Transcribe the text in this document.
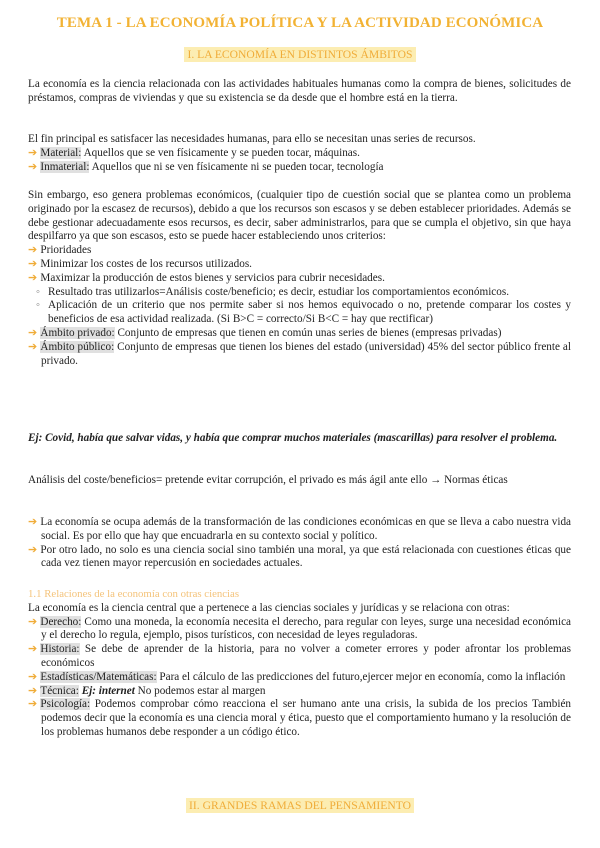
TEMA 1 - LA ECONOMÍA POLÍTICA Y LA ACTIVIDAD ECONÓMICA
I. LA ECONOMÍA EN DISTINTOS ÁMBITOS

La economía es la ciencia relacionada con las actividades habituales humanas como la compra de bienes, solicitudes de préstamos, compras de viviendas y que su existencia se da desde que el hombre está en la tierra.

El fin principal es satisfacer las necesidades humanas, para ello se necesitan unas series de recursos.

➔ Material: Aquellos que se ven físicamente y se pueden tocar, máquinas.

➔ Inmaterial: Aquellos que ni se ven físicamente ni se pueden tocar, tecnología

Sin embargo, eso genera problemas económicos, (cualquier tipo de cuestión social que se plantea como un problema originado por la escasez de recursos), debido a que los recursos son escasos y se deben establecer prioridades. Además se debe gestionar adecuadamente esos recursos, es decir, saber administrarlos, para que se cumpla el objetivo, sin que haya despilfarro ya que son escasos, esto se puede hacer estableciendo unos criterios:

➔ Prioridades

➔ Minimizar los costes de los recursos utilizados.

➔ Maximizar la producción de estos bienes y servicios para cubrir necesidades.

◦ Resultado tras utilizarlos=Análisis coste/beneficio; es decir, estudiar los comportamientos económicos.

◦ Aplicación de un criterio que nos permite saber si nos hemos equivocado o no, pretende comparar los costes y beneficios de esa actividad realizada. (Si B>C = correcto/Si B<C = hay que rectificar)

➔ Ámbito privado: Conjunto de empresas que tienen en común unas series de bienes (empresas privadas)

➔ Ámbito público: Conjunto de empresas que tienen los bienes del estado (universidad) 45% del sector público frente al privado.

Ej: Covid, había que salvar vidas, y había que comprar muchos materiales (mascarillas) para resolver el problema.

Análisis del coste/beneficios= pretende evitar corrupción, el privado es más ágil ante ello → Normas éticas

➔ La economía se ocupa además de la transformación de las condiciones económicas en que se lleva a cabo nuestra vida social. Es por ello que hay que encuadrarla en su contexto social y político.

➔ Por otro lado, no solo es una ciencia social sino también una moral, ya que está relacionada con cuestiones éticas que cada vez tienen mayor repercusión en sociedades actuales.

1.1 Relaciones de la economía con otras ciencias

La economía es la ciencia central que a pertenece a las ciencias sociales y jurídicas y se relaciona con otras:

➔ Derecho: Como una moneda, la economía necesita el derecho, para regular con leyes, surge una necesidad económica y el derecho lo regula, ejemplo, pisos turísticos, con necesidad de leyes reguladoras.

➔ Historia: Se debe de aprender de la historia, para no volver a cometer errores y poder afrontar los problemas económicos

➔ Estadísticas/Matemáticas: Para el cálculo de las predicciones del futuro,ejercer mejor en economía, como la inflación

➔ Técnica: Ej: internet No podemos estar al margen

➔ Psicología: Podemos comprobar cómo reacciona el ser humano ante una crisis, la subida de los precios También podemos decir que la economía es una ciencia moral y ética, puesto que el comportamiento humano y la resolución de los problemas humanos debe responder a un código ético.

II. GRANDES RAMAS DEL PENSAMIENTO
